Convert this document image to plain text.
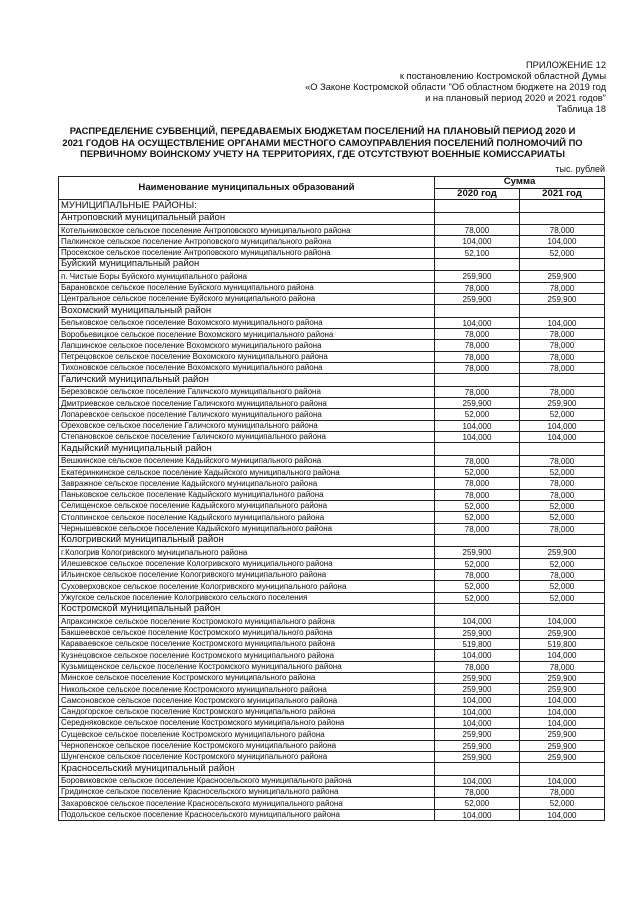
ПРИЛОЖЕНИЕ 12
к постановлению Костромской областной Думы
«О Законе Костромской области "Об областном бюджете на 2019 год
и на плановый период 2020 и 2021 годов"
Таблица 18
РАСПРЕДЕЛЕНИЕ СУБВЕНЦИЙ, ПЕРЕДАВАЕМЫХ БЮДЖЕТАМ ПОСЕЛЕНИЙ НА ПЛАНОВЫЙ ПЕРИОД 2020 И
2021 ГОДОВ НА ОСУЩЕСТВЛЕНИЕ ОРГАНАМИ МЕСТНОГО САМОУПРАВЛЕНИЯ ПОСЕЛЕНИЙ ПОЛНОМОЧИЙ ПО
ПЕРВИЧНОМУ ВОИНСКОМУ УЧЕТУ НА ТЕРРИТОРИЯХ, ГДЕ ОТСУТСТВУЮТ ВОЕННЫЕ КОМИССАРИАТЫ
тыс. рублей
Наименование муниципальных образований	Сумма	
	2020 год	2021 год
МУНИЦИПАЛЬНЫЕ РАЙОНЫ:		
Антроповский муниципальный район		
Котельниковское сельское поселение Антроповского муниципального района	78,000	78,000
Палкинское сельское поселение Антроповского муниципального района	104,000	104,000
Просекское сельское поселение Антроповского муниципального района	52,100	52,000
Буйский муниципальный район		
п. Чистые Боры Буйского муниципального района	259,900	259,900
Барановское сельское поселение Буйского муниципального района	78,000	78,000
Центральное сельское поселение Буйского муниципального района	259,900	259,900
Вохомский муниципальный район		
Бельковское сельское поселение Вохомского муниципального района	104,000	104,000
Воробьевицкое сельское поселение Вохомского муниципального района	78,000	78,000
Лапшинское сельское поселение Вохомского муниципального района	78,000	78,000
Петрецовское сельское поселение Вохомского муниципального района	78,000	78,000
Тихоновское сельское поселение Вохомского муниципального района	78,000	78,000
Галичский муниципальный район		
Березовское сельское поселение Галичского муниципального района	78,000	78,000
Дмитриевское сельское поселение Галичского муниципального района	259,900	259,900
Лопаревское сельское поселение Галичского муниципального района	52,000	52,000
Ореховское сельское поселение Галичского муниципального района	104,000	104,000
Степановское сельское поселение Галичского муниципального района	104,000	104,000
Кадыйский муниципальный район		
Вешкинское сельское поселение Кадыйского муниципального района	78,000	78,000
Екатеринкинское сельское поселение Кадыйского муниципального района	52,000	52,000
Завражное сельское поселение Кадыйского муниципального района	78,000	78,000
Паньковское сельское поселение Кадыйского муниципального района	78,000	78,000
Селищенское сельское поселение Кадыйского муниципального района	52,000	52,000
Столпинское сельское поселение Кадыйского муниципального района	52,000	52,000
Чернышевское сельское поселение Кадыйского муниципального района	78,000	78,000
Кологривский муниципальный район		
г.Кологрив Кологривского муниципального района	259,900	259,900
Илешевское сельское поселение Кологривского муниципального района	52,000	52,000
Ильинское сельское поселение Кологривского муниципального района	78,000	78,000
Суховерховское сельское поселение Кологривского муниципального района	52,000	52,000
Ужугское сельское поселение Кологривского сельского поселения	52,000	52,000
Костромской муниципальный район		
Апраксинское сельское поселение Костромского муниципального района	104,000	104,000
Бакшеевское сельское поселение Костромского муниципального района	259,900	259,900
Караваевское сельское поселение Костромского муниципального района	519,800	519,800
Кузнецовское сельское поселение Костромского муниципального района	104,000	104,000
Кузьмищенское сельское поселение Костромского муниципального района	78,000	78,000
Минское сельское поселение Костромского муниципального района	259,900	259,900
Никольское сельское поселение Костромского муниципального района	259,900	259,900
Самсоновское сельское поселение Костромского муниципального района	104,000	104,000
Сандогорское сельское поселение Костромского муниципального района	104,000	104,000
Середняковское сельское поселение Костромского муниципального района	104,000	104,000
Сущевское сельское поселение Костромского муниципального района	259,900	259,900
Чернопенское сельское поселение Костромского муниципального района	259,900	259,900
Шунгенское сельское поселение Костромского муниципального района	259,900	259,900
Красносельский муниципальный район		
Боровиковское сельское поселение Красносельского муниципального района	104,000	104,000
Гридинское сельское поселение Красносельского муниципального района	78,000	78,000
Захаровское сельское поселение Красносельского муниципального района	52,000	52,000
Подольское сельское поселение Красносельского муниципального района	104,000	104,000
